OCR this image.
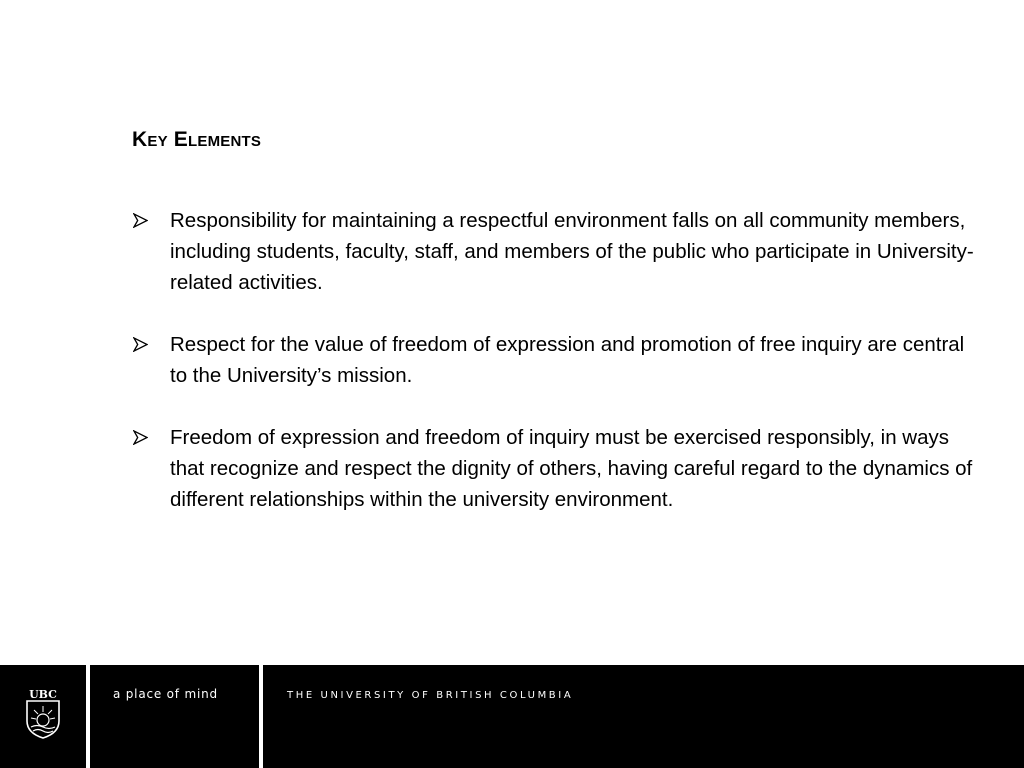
Key Elements
Responsibility for maintaining a respectful environment falls on all community members, including students, faculty, staff, and members of the public who participate in University-related activities.
Respect for the value of freedom of expression and promotion of free inquiry are central to the University’s mission.
Freedom of expression and freedom of inquiry must be exercised responsibly, in ways that recognize and respect the dignity of others, having careful regard to the dynamics of different relationships within the university environment.
UBC	a place of mind	THE UNIVERSITY OF BRITISH COLUMBIA
